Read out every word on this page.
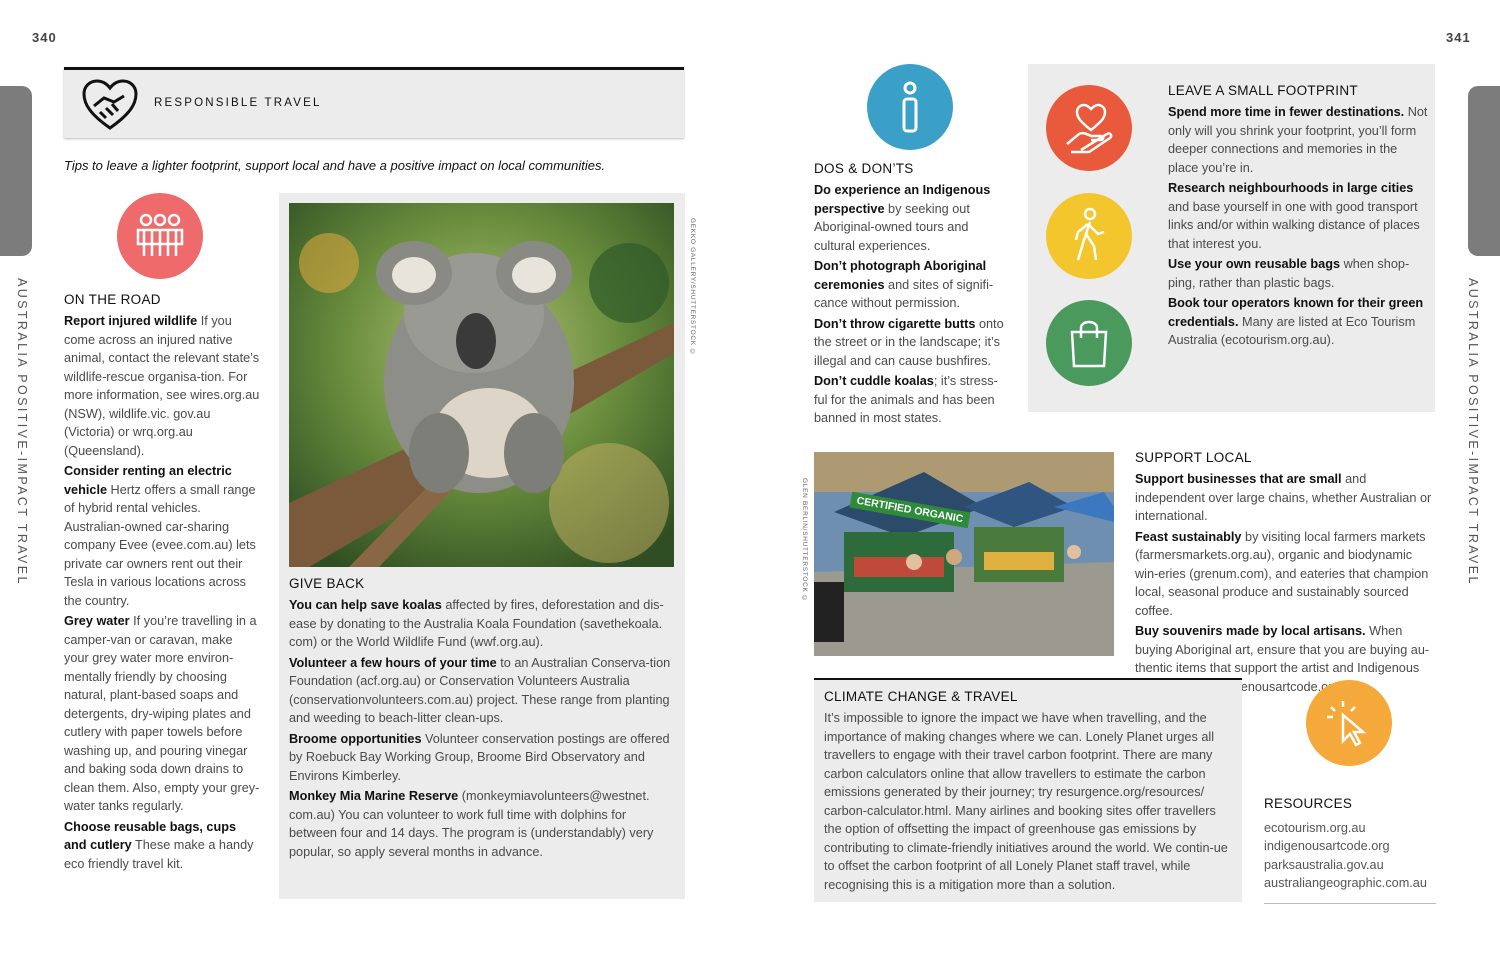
340	341
AUSTRALIA POSITIVE-IMPACT TRAVEL	AUSTRALIA POSITIVE-IMPACT TRAVEL
RESPONSIBLE TRAVEL
Tips to leave a lighter footprint, support local and have a positive impact on local communities.
ON THE ROAD

Report injured wildlife If you come across an injured native animal, contact the relevant state’s wildlife-rescue organisa-tion. For more information, see wires.org.au (NSW), wildlife.vic. gov.au (Victoria) or wrq.org.au (Queensland).

Consider renting an electric vehicle Hertz offers a small range of hybrid rental vehicles. Australian-owned car-sharing company Evee (evee.com.au) lets private car owners rent out their Tesla in various locations across the country.

Grey water If you’re travelling in a camper-van or caravan, make your grey water more environ-mentally friendly by choosing natural, plant-based soaps and detergents, dry-wiping plates and cutlery with paper towels before washing up, and pouring vinegar and baking soda down drains to clean them. Also, empty your grey-water tanks regularly.

Choose reusable bags, cups and cutlery These make a handy eco friendly travel kit.

GEKKO GALLERY/SHUTTERSTOCK ©
GIVE BACK

You can help save koalas affected by fires, deforestation and dis-ease by donating to the Australia Koala Foundation (savethekoala. com) or the World Wildlife Fund (wwf.org.au).

Volunteer a few hours of your time to an Australian Conserva-tion Foundation (acf.org.au) or Conservation Volunteers Australia (conservationvolunteers.com.au) project. These range from planting and weeding to beach-litter clean-ups.

Broome opportunities Volunteer conservation postings are offered by Roebuck Bay Working Group, Broome Bird Observatory and Environs Kimberley.

Monkey Mia Marine Reserve (monkeymiavolunteers@westnet. com.au) You can volunteer to work full time with dolphins for between four and 14 days. The program is (understandably) very popular, so apply several months in advance.

DOS & DON’TS

Do experience an Indigenous perspective by seeking out Aboriginal-owned tours and cultural experiences.

Don’t photograph Aboriginal ceremonies and sites of signifi-cance without permission.

Don’t throw cigarette butts onto the street or in the landscape; it’s illegal and can cause bushfires.

Don’t cuddle koalas; it’s stress-ful for the animals and has been banned in most states.

LEAVE A SMALL FOOTPRINT

Spend more time in fewer destinations. Not only will you shrink your footprint, you’ll form deeper connections and memories in the place you’re in.

Research neighbourhoods in large cities and base yourself in one with good transport links and/or within walking distance of places that interest you.

Use your own reusable bags when shop-ping, rather than plastic bags.

Book tour operators known for their green credentials. Many are listed at Eco Tourism Australia (ecotourism.org.au).

CERTIFIED ORGANIC
GLEN BERLIN/SHUTTERSTOCK ©
SUPPORT LOCAL

Support businesses that are small and independent over large chains, whether Australian or international.

Feast sustainably by visiting local farmers markets (farmersmarkets.org.au), organic and biodynamic win-eries (grenum.com), and eateries that champion local, seasonal produce and sustainably sourced coffee.

Buy souvenirs made by local artisans. When buying Aboriginal art, ensure that you are buying au-thentic items that support the artist and Indigenous (indigenousartcode.org).

CLIMATE CHANGE & TRAVEL
It’s impossible to ignore the impact we have when travelling, and the importance of making changes where we can. Lonely Planet urges all travellers to engage with their travel carbon footprint. There are many carbon calculators online that allow travellers to estimate the carbon emissions generated by their journey; try resurgence.org/resources/ carbon-calculator.html. Many airlines and booking sites offer travellers the option of offsetting the impact of greenhouse gas emissions by contributing to climate-friendly initiatives around the world. We contin-ue to offset the carbon footprint of all Lonely Planet staff travel, while recognising this is a mitigation more than a solution.
RESOURCES
ecotourism.org.au
indigenousartcode.org
parksaustralia.gov.au
australiangeographic.com.au
